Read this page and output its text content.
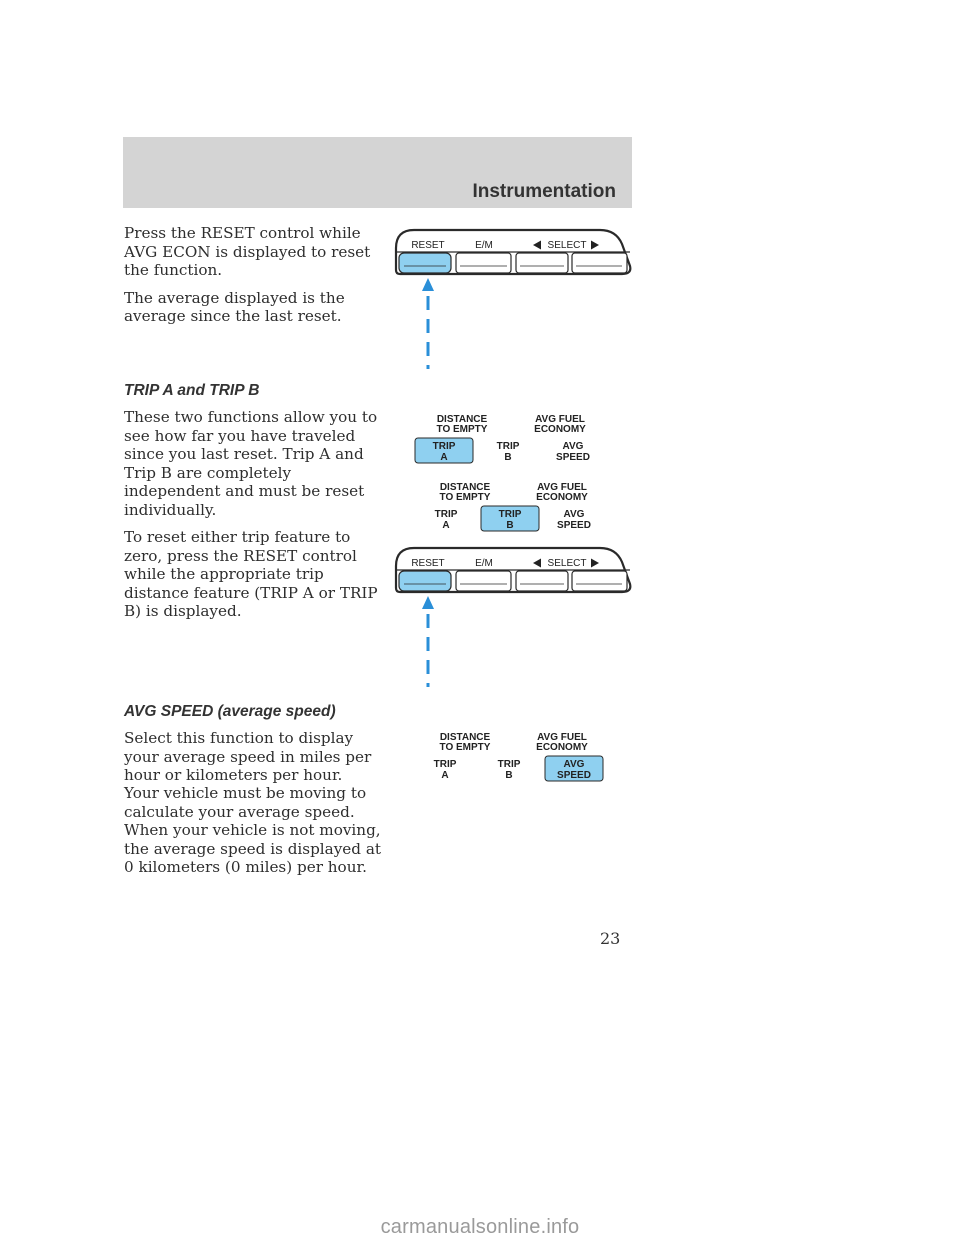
Instrumentation

Press the RESET control while AVG ECON is displayed to reset the function.

The average displayed is the average since the last reset.

RESET	E/M	SELECT
TRIP A and TRIP B

These two functions allow you to see how far you have traveled since you last reset. Trip A and Trip B are completely independent and must be reset individually.

To reset either trip feature to zero, press the RESET control while the appropriate trip distance feature (TRIP A or TRIP B) is displayed.

DISTANCE
TO EMPTY
AVG FUEL
ECONOMY
TRIP
A
TRIP
B
AVG
SPEED
DISTANCE
TO EMPTY
AVG FUEL
ECONOMY
TRIP
A
TRIP
B
AVG
SPEED
RESET	E/M	SELECT
AVG SPEED (average speed)

Select this function to display your average speed in miles per hour or kilometers per hour.

Your vehicle must be moving to calculate your average speed. When your vehicle is not moving, the average speed is displayed at 0 kilometers (0 miles) per hour.

DISTANCE
TO EMPTY
AVG FUEL
ECONOMY
TRIP
A
TRIP
B
AVG
SPEED
23
carmanualsonline.info
